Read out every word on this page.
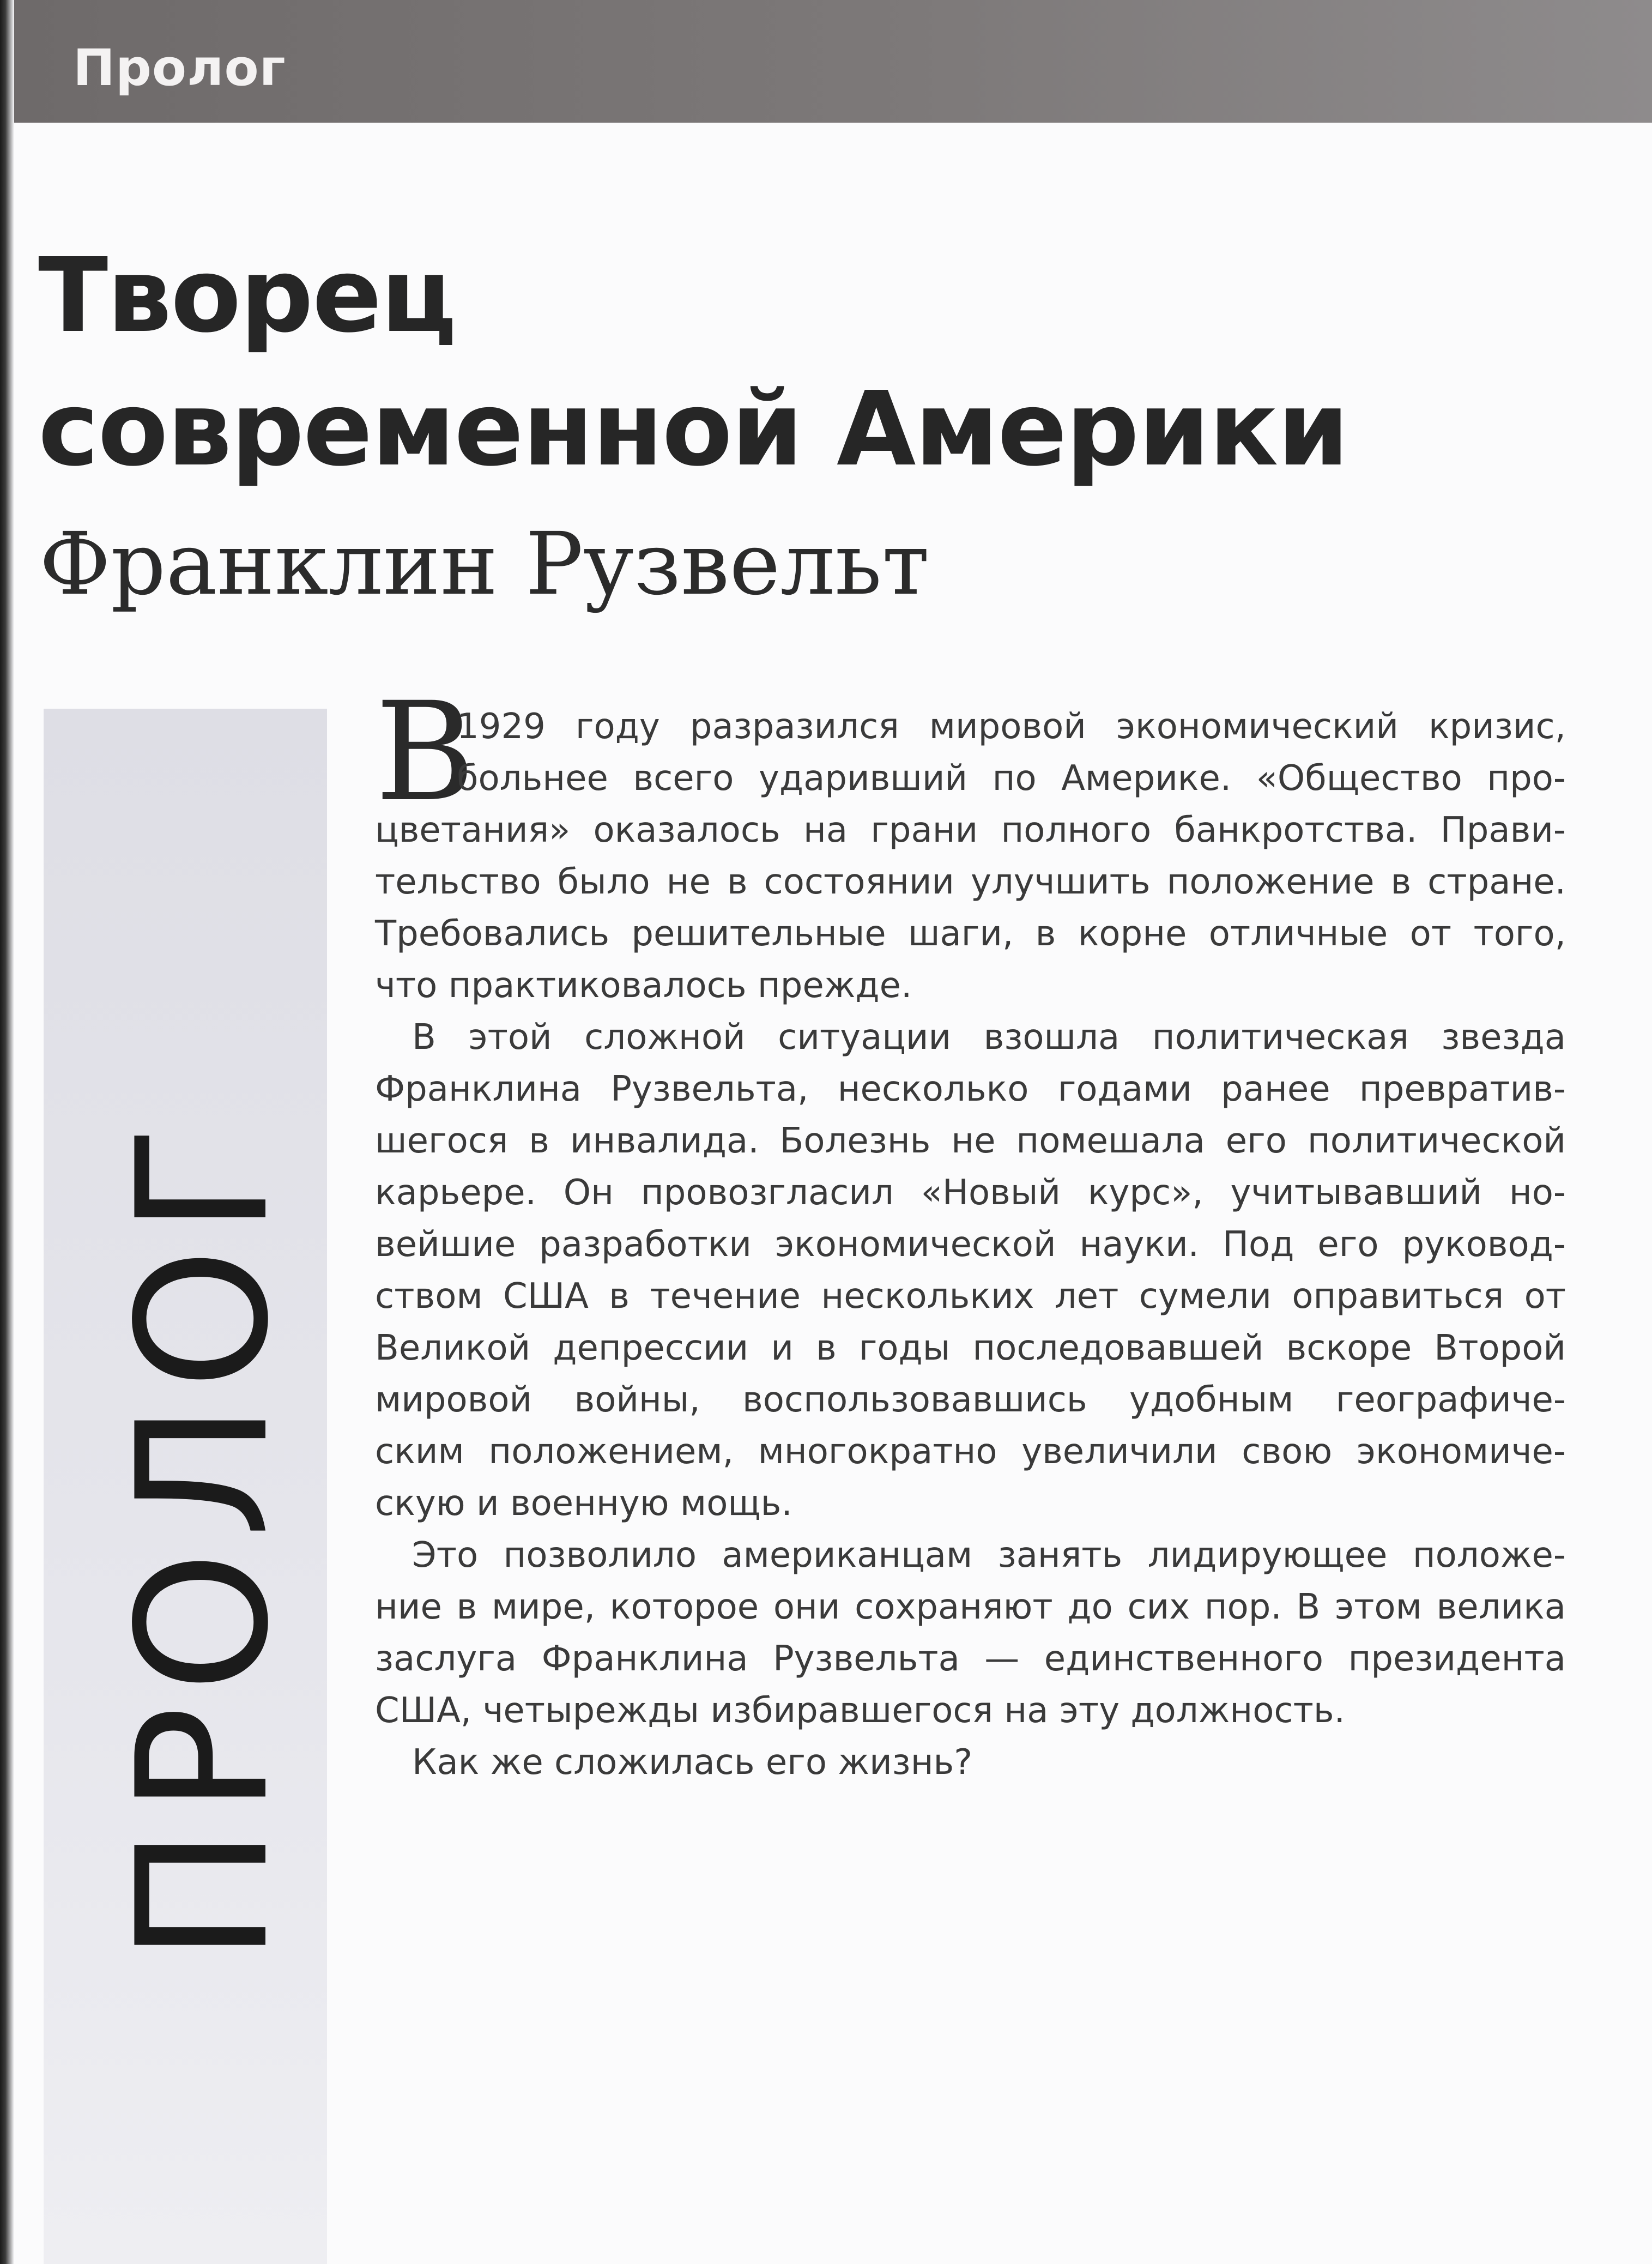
Пролог
Творец
современной Америки
Франклин Рузвельт
ПРОЛОГ
В
1929 году разразился мировой экономический кризис,
больнее всего ударивший по Америке. «Общество про-
цветания» оказалось на грани полного банкротства. Прави-
тельство было не в состоянии улучшить положение в стране.
Требовались решительные шаги, в корне отличные от того,
что практиковалось прежде.
В этой сложной ситуации взошла политическая звезда
Франклина Рузвельта, несколько годами ранее превратив-
шегося в инвалида. Болезнь не помешала его политической
карьере. Он провозгласил «Новый курс», учитывавший но-
вейшие разработки экономической науки. Под его руковод-
ством США в течение нескольких лет сумели оправиться от
Великой депрессии и в годы последовавшей вскоре Второй
мировой войны, воспользовавшись удобным географиче-
ским положением, многократно увеличили свою экономиче-
скую и военную мощь.
Это позволило американцам занять лидирующее положе-
ние в мире, которое они сохраняют до сих пор. В этом велика
заслуга Франклина Рузвельта — единственного президента
США, четырежды избиравшегося на эту должность.
Как же сложилась его жизнь?
